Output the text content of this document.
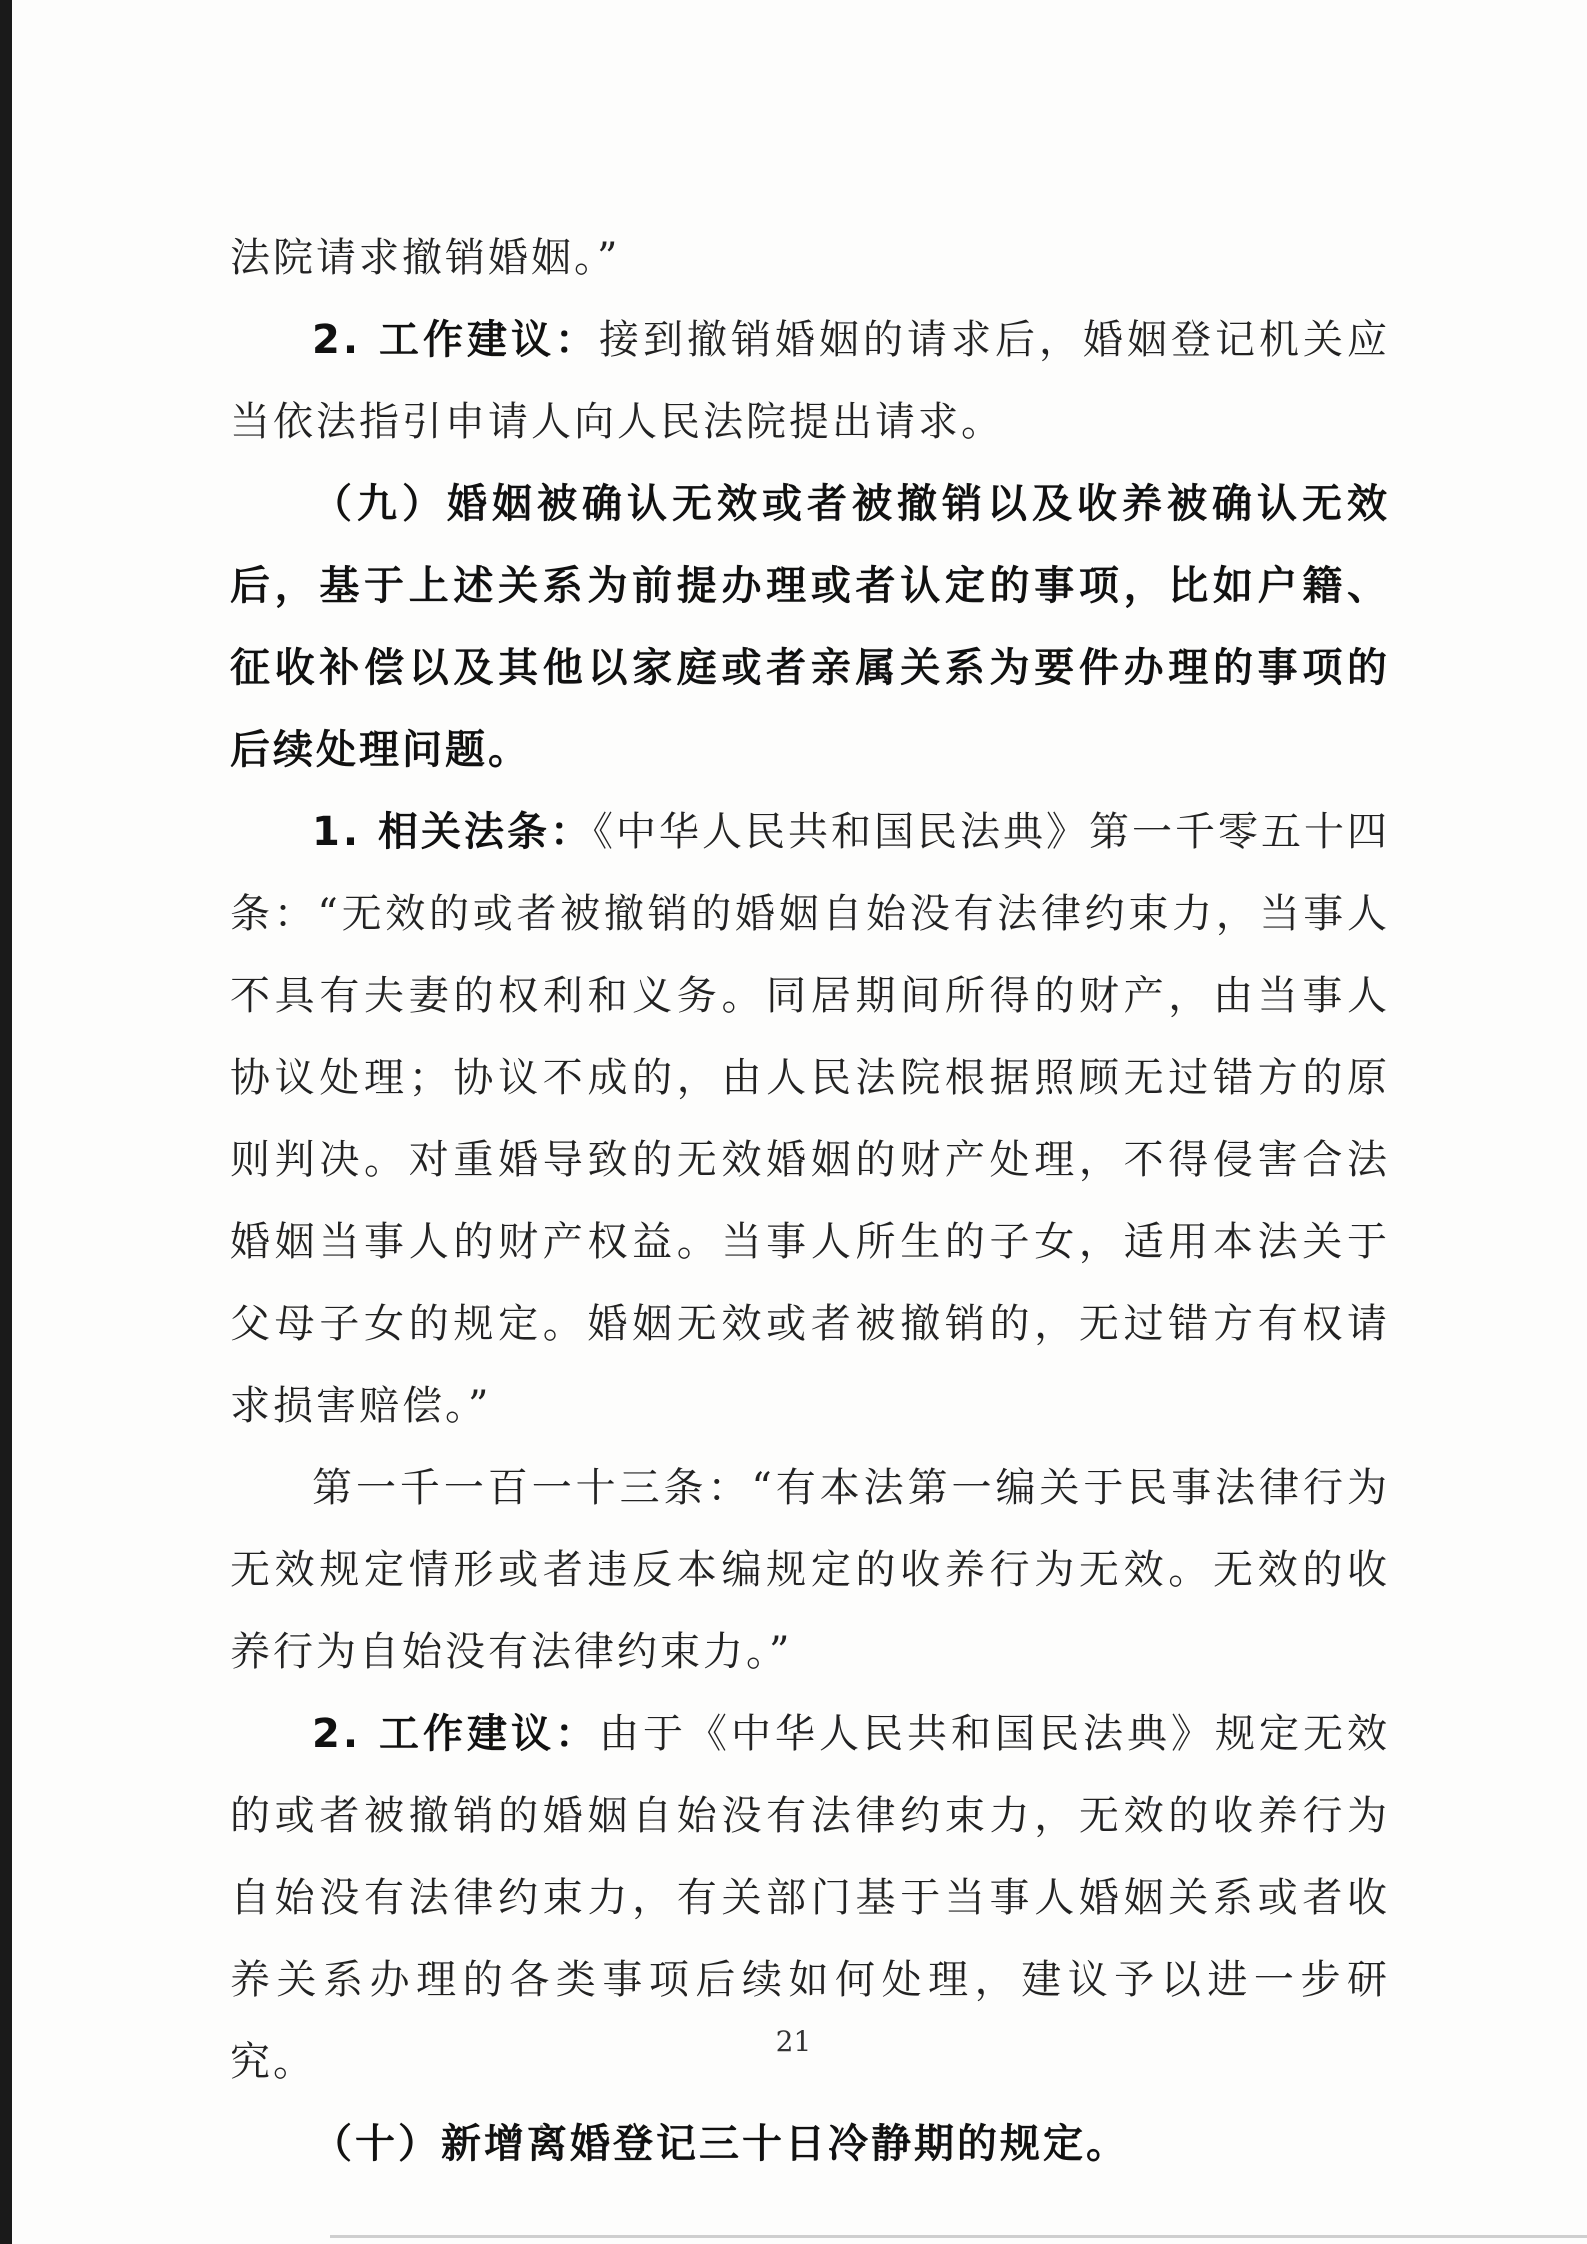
法院请求撤销婚姻。”

2. 工作建议：接到撤销婚姻的请求后，婚姻登记机关应当依法指引申请人向人民法院提出请求。

（九）婚姻被确认无效或者被撤销以及收养被确认无效后，基于上述关系为前提办理或者认定的事项，比如户籍、征收补偿以及其他以家庭或者亲属关系为要件办理的事项的后续处理问题。

1. 相关法条：《中华人民共和国民法典》第一千零五十四条：“无效的或者被撤销的婚姻自始没有法律约束力，当事人不具有夫妻的权利和义务。同居期间所得的财产，由当事人协议处理；协议不成的，由人民法院根据照顾无过错方的原则判决。对重婚导致的无效婚姻的财产处理，不得侵害合法婚姻当事人的财产权益。当事人所生的子女，适用本法关于父母子女的规定。婚姻无效或者被撤销的，无过错方有权请求损害赔偿。”

第一千一百一十三条：“有本法第一编关于民事法律行为无效规定情形或者违反本编规定的收养行为无效。无效的收养行为自始没有法律约束力。”

2. 工作建议：由于《中华人民共和国民法典》规定无效的或者被撤销的婚姻自始没有法律约束力，无效的收养行为自始没有法律约束力，有关部门基于当事人婚姻关系或者收养关系办理的各类事项后续如何处理，建议予以进一步研究。

（十）新增离婚登记三十日冷静期的规定。

21
